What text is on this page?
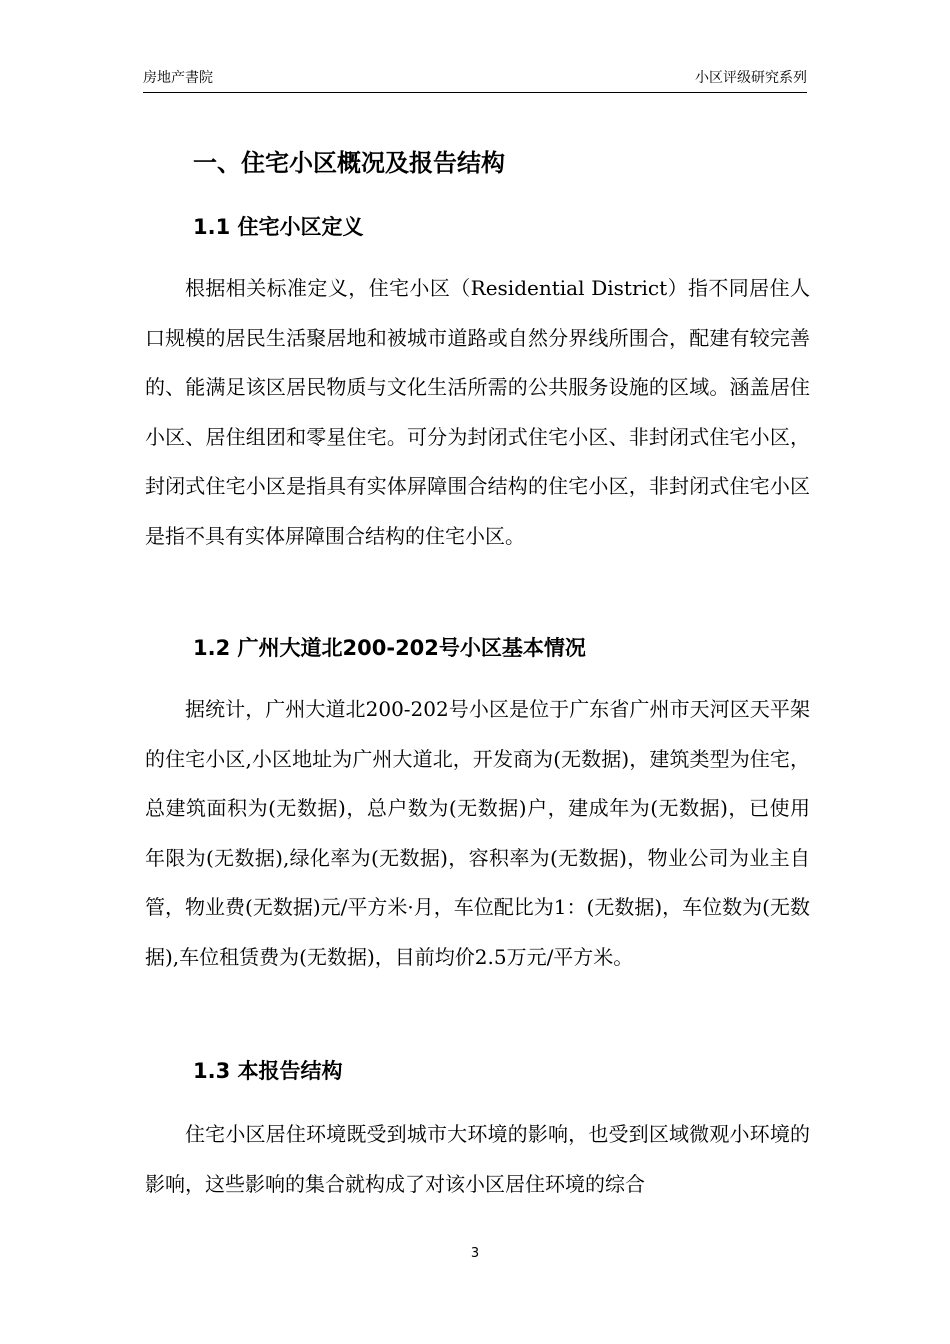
房地产書院	小区评级研究系列
一、住宅小区概况及报告结构
1.1 住宅小区定义
根据相关标准定义，住宅小区（Residential District）指不同居住人口规模的居民生活聚居地和被城市道路或自然分界线所围合，配建有较完善的、能满足该区居民物质与文化生活所需的公共服务设施的区域。涵盖居住小区、居住组团和零星住宅。可分为封闭式住宅小区、非封闭式住宅小区，封闭式住宅小区是指具有实体屏障围合结构的住宅小区，非封闭式住宅小区是指不具有实体屏障围合结构的住宅小区。
1.2 广州大道北200-202号小区基本情况
据统计，广州大道北200-202号小区是位于广东省广州市天河区天平架的住宅小区,小区地址为广州大道北，开发商为(无数据)，建筑类型为住宅，总建筑面积为(无数据)，总户数为(无数据)户，建成年为(无数据)，已使用年限为(无数据),绿化率为(无数据)，容积率为(无数据)，物业公司为业主自管，物业费(无数据)元/平方米·月，车位配比为1：(无数据)，车位数为(无数据),车位租赁费为(无数据)，目前均价2.5万元/平方米。
1.3 本报告结构
住宅小区居住环境既受到城市大环境的影响，也受到区域微观小环境的影响，这些影响的集合就构成了对该小区居住环境的综合
3
